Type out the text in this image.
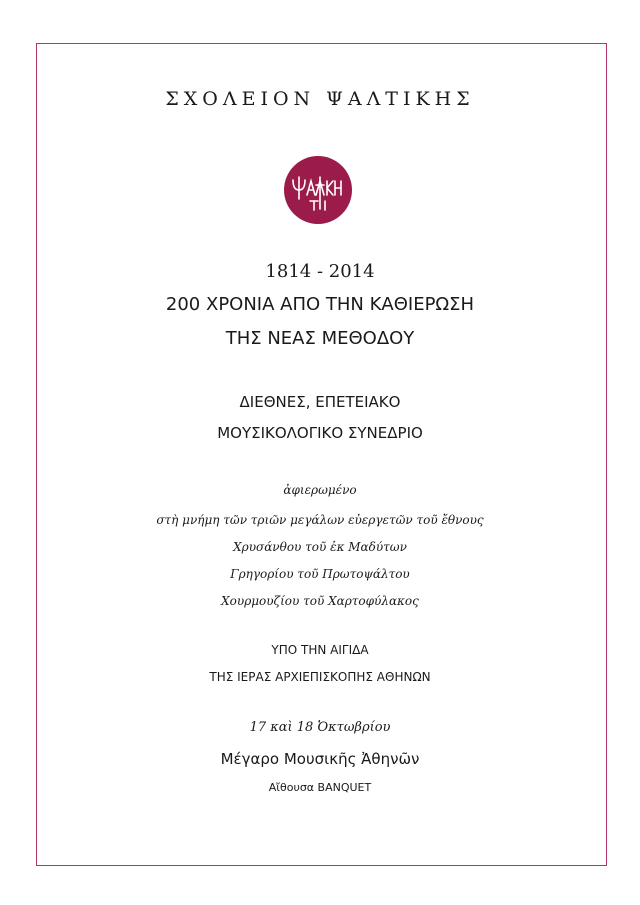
ΣΧΟΛΕΙΟΝ ΨΑΛΤΙΚΗΣ
1814 - 2014
200 ΧΡΟΝΙΑ ΑΠΟ ΤΗΝ ΚΑΘΙΕΡΩΣΗ
ΤΗΣ ΝΕΑΣ ΜΕΘΟΔΟΥ
ΔΙΕΘΝΕΣ, ΕΠΕΤΕΙΑΚΟ
ΜΟΥΣΙΚΟΛΟΓΙΚΟ ΣΥΝΕΔΡΙΟ
ἀφιερωμένο
στὴ μνήμη τῶν τριῶν μεγάλων εὐεργετῶν τοῦ ἔθνους
Χρυσάνθου τοῦ ἐκ Μαδύτων
Γρηγορίου τοῦ Πρωτοψάλτου
Χουρμουζίου τοῦ Χαρτοφύλακος
ΥΠΟ ΤΗΝ ΑΙΓΙΔΑ
ΤΗΣ ΙΕΡΑΣ ΑΡΧΙΕΠΙΣΚΟΠΗΣ ΑΘΗΝΩΝ
17 καὶ 18 Ὀκτωβρίου
Μέγαρο Μουσικῆς Ἀθηνῶν
Αἴθουσα BANQUET
